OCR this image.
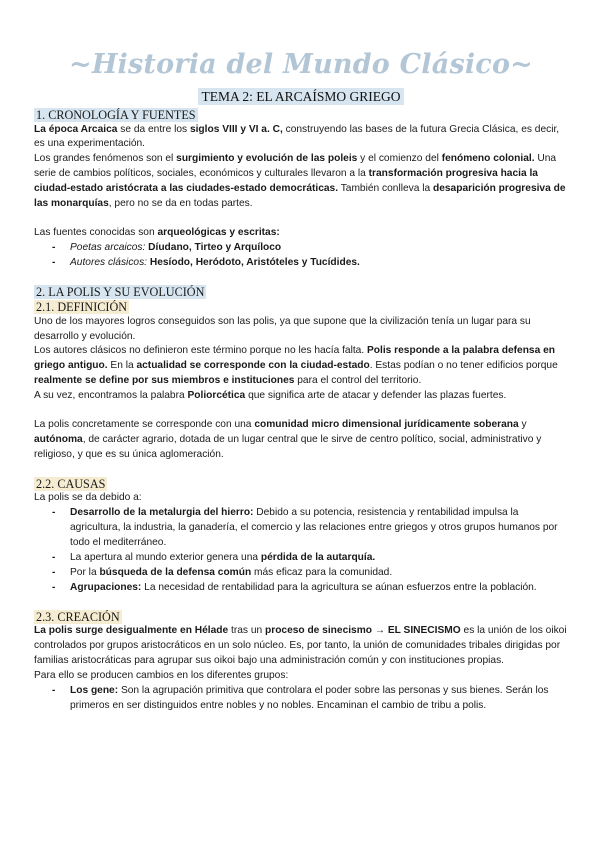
~Historia del Mundo Clásico~
TEMA 2: EL ARCAÍSMO GRIEGO
1. CRONOLOGÍA Y FUENTES

La época Arcaica se da entre los siglos VIII y VI a. C, construyendo las bases de la futura Grecia Clásica, es decir, es una experimentación.

Los grandes fenómenos son el surgimiento y evolución de las poleis y el comienzo del fenómeno colonial. Una serie de cambios políticos, sociales, económicos y culturales llevaron a la transformación progresiva hacia la ciudad-estado aristócrata a las ciudades-estado democráticas. También conlleva la desaparición progresiva de las monarquías, pero no se da en todas partes.

Las fuentes conocidas son arqueológicas y escritas:

- Poetas arcaicos: Díudano, Tirteo y Arquíloco
- Autores clásicos: Hesíodo, Heródoto, Aristóteles y Tucídides.
2. LA POLIS Y SU EVOLUCIÓN
2.1. DEFINICIÓN

Uno de los mayores logros conseguidos son las polis, ya que supone que la civilización tenía un lugar para su desarrollo y evolución.

Los autores clásicos no definieron este término porque no les hacía falta. Polis responde a la palabra defensa en griego antiguo. En la actualidad se corresponde con la ciudad-estado. Estas podían o no tener edificios porque realmente se define por sus miembros e instituciones para el control del territorio.

A su vez, encontramos la palabra Poliorcética que significa arte de atacar y defender las plazas fuertes.

La polis concretamente se corresponde con una comunidad micro dimensional jurídicamente soberana y autónoma, de carácter agrario, dotada de un lugar central que le sirve de centro político, social, administrativo y religioso, y que es su única aglomeración.

2.2. CAUSAS

La polis se da debido a:

- Desarrollo de la metalurgia del hierro: Debido a su potencia, resistencia y rentabilidad impulsa la agricultura, la industria, la ganadería, el comercio y las relaciones entre griegos y otros grupos humanos por todo el mediterráneo.
- La apertura al mundo exterior genera una pérdida de la autarquía.
- Por la búsqueda de la defensa común más eficaz para la comunidad.
- Agrupaciones: La necesidad de rentabilidad para la agricultura se aúnan esfuerzos entre la población.
2.3. CREACIÓN

La polis surge desigualmente en Hélade tras un proceso de sinecismo → EL SINECISMO es la unión de los oikoi controlados por grupos aristocráticos en un solo núcleo. Es, por tanto, la unión de comunidades tribales dirigidas por familias aristocráticas para agrupar sus oikoi bajo una administración común y con instituciones propias.

Para ello se producen cambios en los diferentes grupos:

- Los gene: Son la agrupación primitiva que controlara el poder sobre las personas y sus bienes. Serán los primeros en ser distinguidos entre nobles y no nobles. Encaminan el cambio de tribu a polis.
